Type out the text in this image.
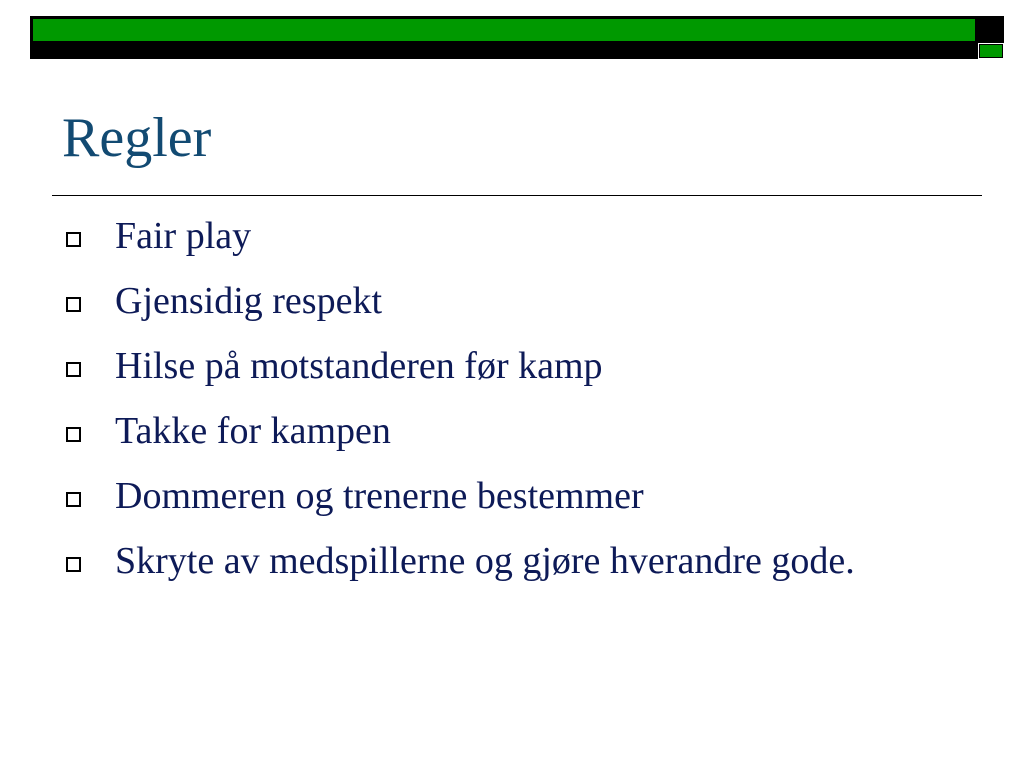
Regler
Fair play
Gjensidig respekt
Hilse på motstanderen før kamp
Takke for kampen
Dommeren og trenerne bestemmer
Skryte av medspillerne og gjøre hverandre gode.
